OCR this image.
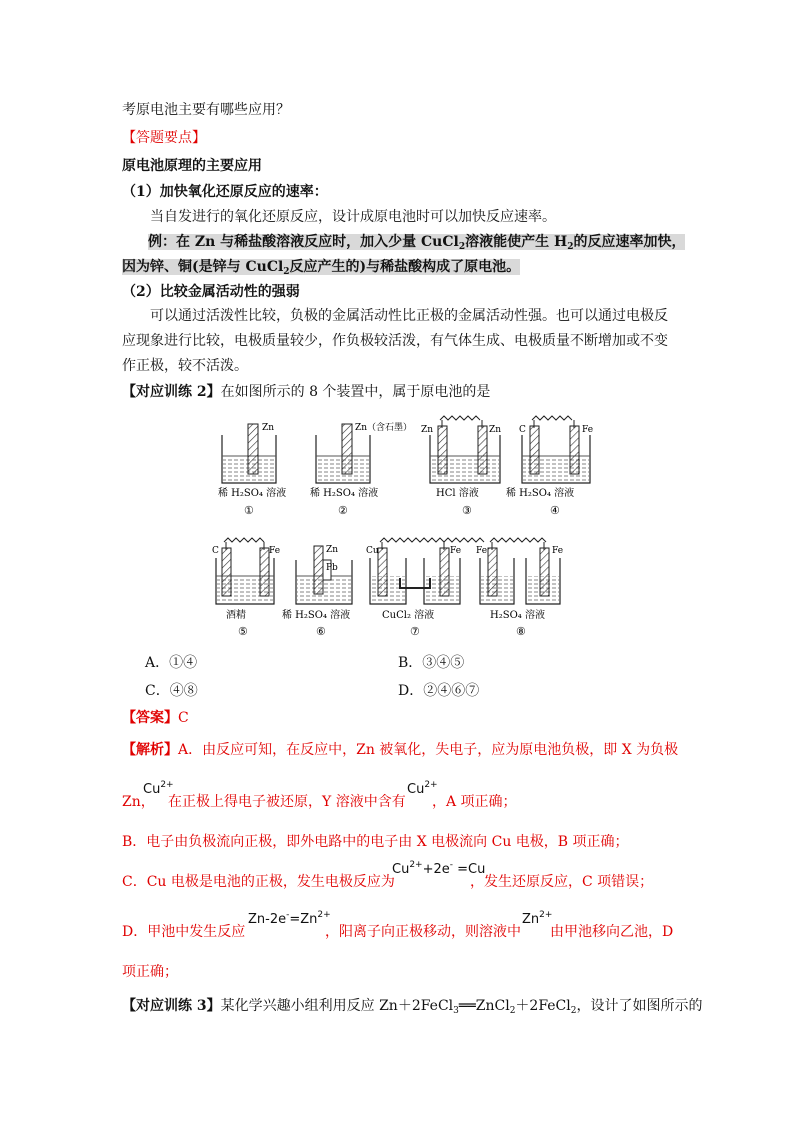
考原电池主要有哪些应用？
【答题要点】
原电池原理的主要应用
（1）加快氧化还原反应的速率：
当自发进行的氧化还原反应，设计成原电池时可以加快反应速率。
例：在 Zn 与稀盐酸溶液反应时，加入少量 CuCl$_2$溶液能使产生 $H_2$的反应速率加快，
因为锌、铜(是锌与 CuCl$_2$反应产生的)与稀盐酸构成了原电池。
（2）比较金属活动性的强弱
可以通过活泼性比较，负极的金属活动性比正极的金属活动性强。也可以通过电极反
应现象进行比较，电极质量较少，作负极较活泼，有气体生成、电极质量不断增加或不变
作正极，较不活泼。
【对应训练 2】在如图所示的 8 个装置中，属于原电池的是
Zn
稀 H₂SO₄ 溶液
①
Zn（含石墨）
稀 H₂SO₄ 溶液
②
Zn	Zn
HCl 溶液
③
C	Fe
稀 H₂SO₄ 溶液
④
C	Fe
酒精
⑤
Zn
Pb
稀 H₂SO₄ 溶液
⑥
Cu	Fe
CuCl₂ 溶液
⑦
Fe	Fe
H₂SO₄ 溶液
⑧
A．①④	B．③④⑤
C．④⑧	D．②④⑥⑦
【答案】C
【解析】A．由反应可知，在反应中，Zn 被氧化，失电子，应为原电池负极，即 X 为负极
Zn，
$Cu^{2+}$
在正极上得电子被还原，Y 溶液中含有
$Cu^{2+}$
，A 项正确；
B．电子由负极流向正极，即外电路中的电子由 X 电极流向 Cu 电极，B 项正确；
C．Cu 电极是电池的正极，发生电极反应为
$Cu^{2+}+2e^- =Cu$
，发生还原反应，C 项错误；
D．甲池中发生反应
$Zn-2e^-=Zn^{2+}$
，阳离子向正极移动，则溶液中
$Zn^{2+}$
由甲池移向乙池，D
项正确；
【对应训练 3】某化学兴趣小组利用反应 Zn＋2FeCl$_3$══ZnCl$_2$＋2FeCl$_2$，设计了如图所示的
